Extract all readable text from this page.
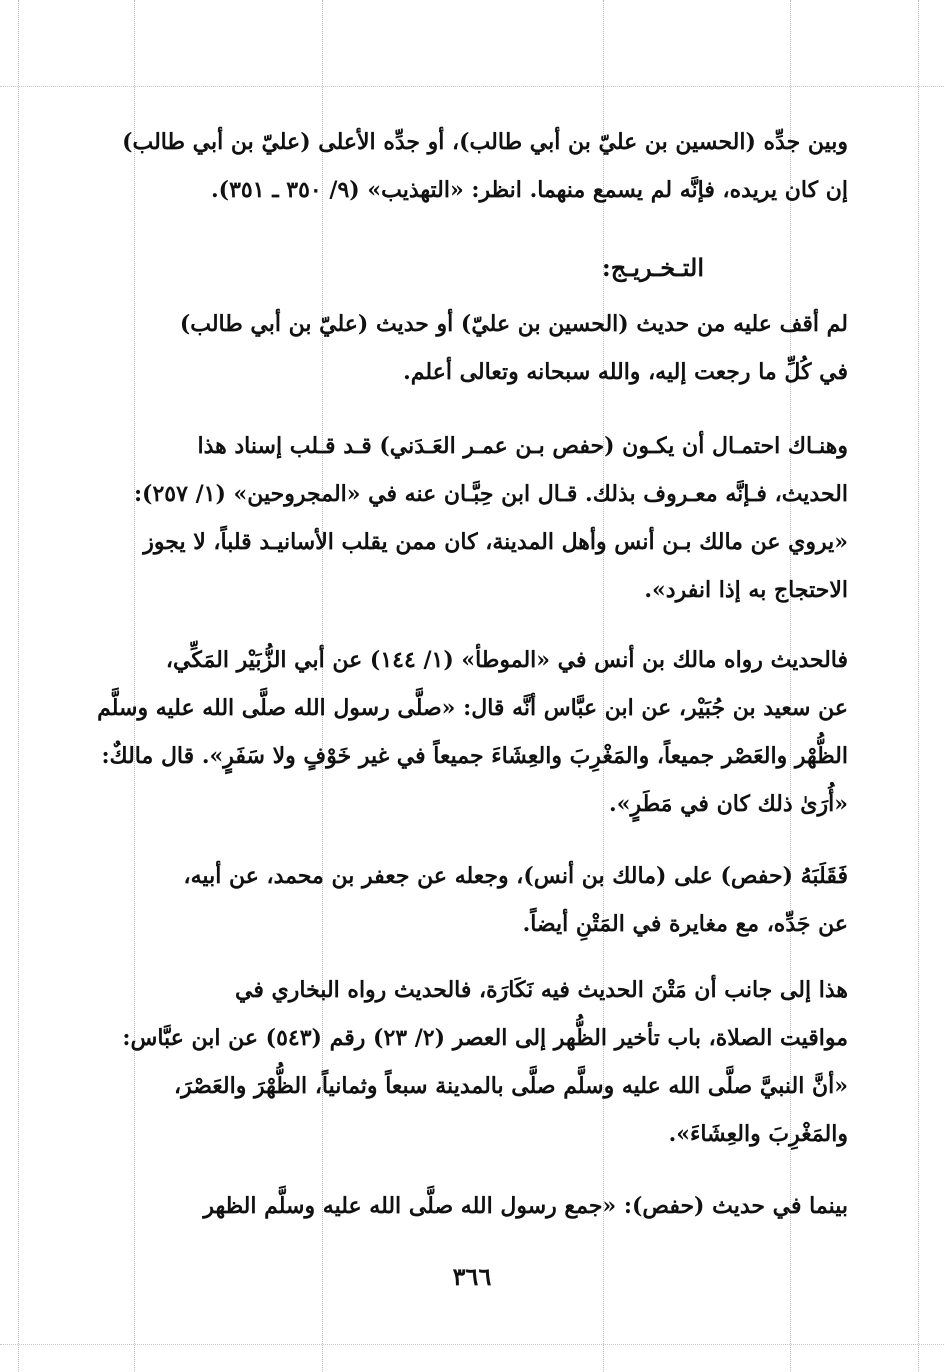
وبين جدِّه (الحسين بن عليّ بن أبي طالب)، أو جدِّه الأعلى (عليّ بن أبي طالب)

إن كان يريده، فإنَّه لم يسمع منهما. انظر: «التهذيب» (٩/ ٣٥٠ ـ ٣٥١).

التـخـريـج:

لم أقف عليه من حديث (الحسين بن عليّ) أو حديث (عليّ بن أبي طالب)

في كُلِّ ما رجعت إليه، والله سبحانه وتعالى أعلم.

وهنـاك احتمـال أن يكـون (حفص بـن عمـر العَـدَني) قـد قـلب إسناد هذا

الحديث، فـإنَّه معـروف بذلك. قـال ابن حِبَّـان عنه في «المجروحين» (١/ ٢٥٧):

«يروي عن مالك بـن أنس وأهل المدينة، كان ممن يقلب الأسانيـد قلباً، لا يجوز

الاحتجاج به إذا انفرد».

فالحديث رواه مالك بن أنس في «الموطأ» (١/ ١٤٤) عن أبي الزُّبَيْر المَكِّي،

عن سعيد بن جُبَيْر، عن ابن عبَّاس أنَّه قال: «صلَّى رسول الله صلَّى الله عليه وسلَّم

الظُّهْر والعَصْر جميعاً، والمَغْرِبَ والعِشَاءَ جميعاً في غير خَوْفٍ ولا سَفَرٍ». قال مالكٌ:

«أُرَىٰ ذلك كان في مَطَرٍ».

فَقَلَبَهُ (حفص) على (مالك بن أنس)، وجعله عن جعفر بن محمد، عن أبيه،

عن جَدِّه، مع مغايرة في المَتْنِ أيضاً.

هذا إلى جانب أن مَتْنَ الحديث فيه نَكَارَة، فالحديث رواه البخاري في

مواقيت الصلاة، باب تأخير الظُّهر إلى العصر (٢/ ٢٣) رقم (٥٤٣) عن ابن عبَّاس:

«أنَّ النبيَّ صلَّى الله عليه وسلَّم صلَّى بالمدينة سبعاً وثمانياً، الظُّهْرَ والعَصْرَ،

والمَغْرِبَ والعِشَاءَ».

بينما في حديث (حفص): «جمع رسول الله صلَّى الله عليه وسلَّم الظهر

٣٦٦
